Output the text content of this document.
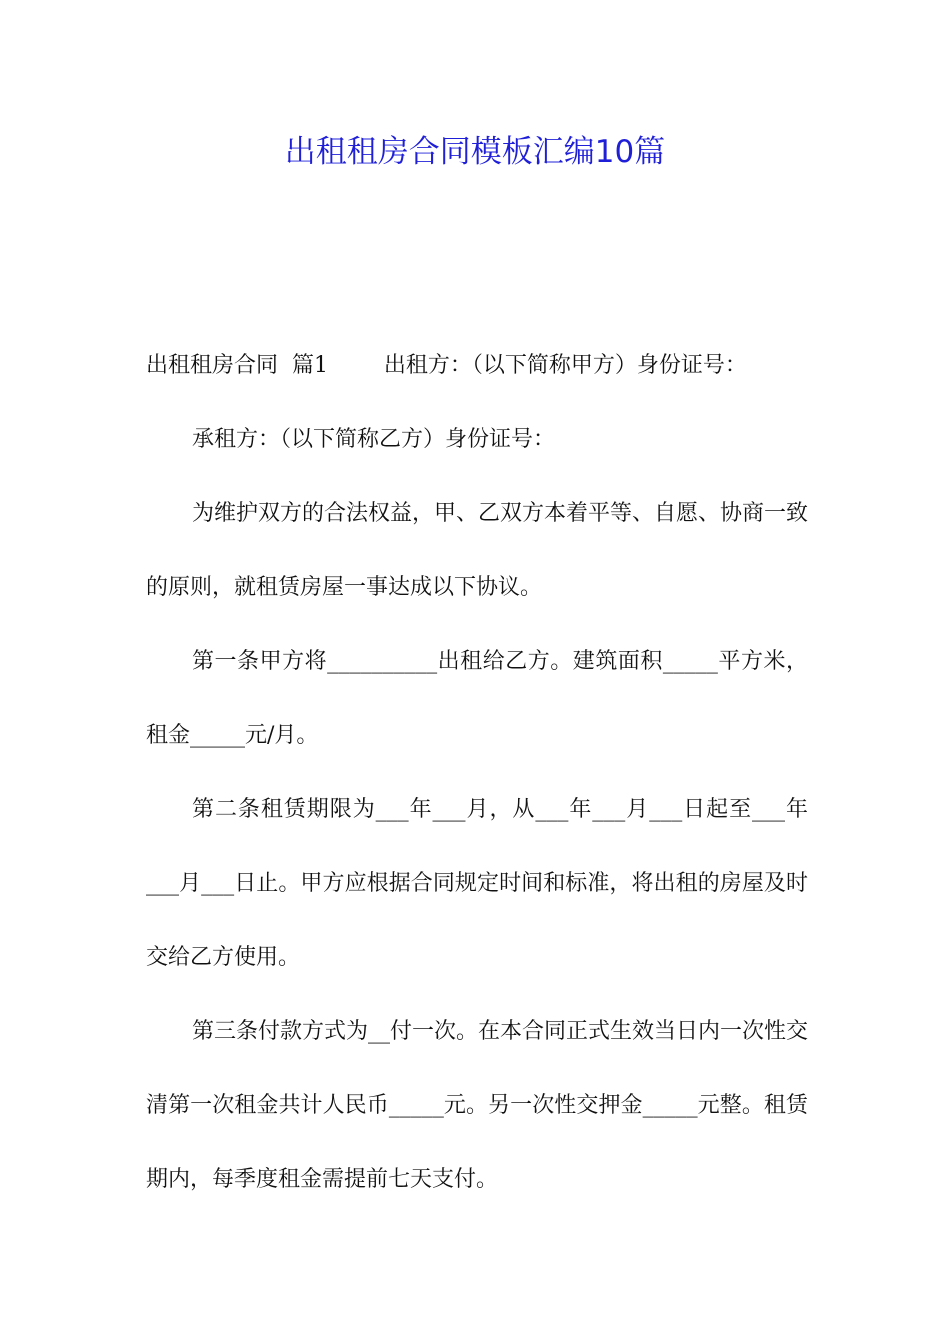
出租租房合同模板汇编10篇

出租租房合同  篇1        出租方：（以下简称甲方）身份证号：

承租方：（以下简称乙方）身份证号：

为维护双方的合法权益，甲、乙双方本着平等、自愿、协商一致的原则，就租赁房屋一事达成以下协议。

第一条甲方将__________出租给乙方。建筑面积_____平方米，租金_____元/月。

第二条租赁期限为___年___月，从___年___月___日起至___年___月___日止。甲方应根据合同规定时间和标准，将出租的房屋及时交给乙方使用。

第三条付款方式为__付一次。在本合同正式生效当日内一次性交清第一次租金共计人民币_____元。另一次性交押金_____元整。租赁期内，每季度租金需提前七天支付。
